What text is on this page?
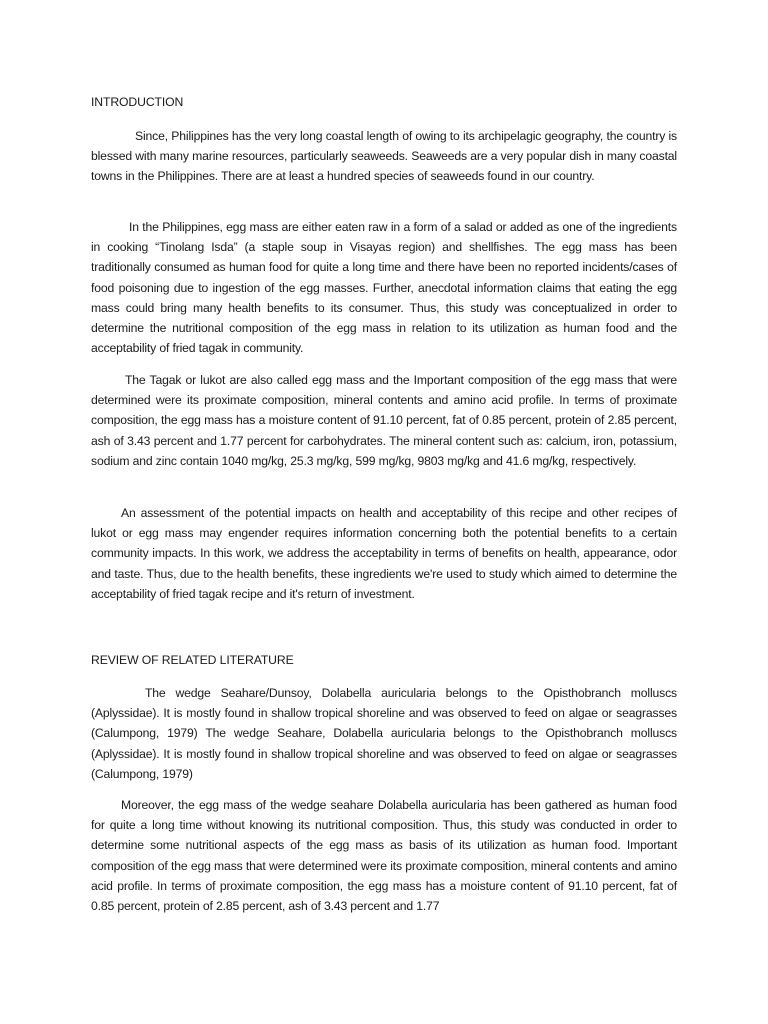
INTRODUCTION

Since, Philippines has the very long coastal length of owing to its archipelagic geography, the country is blessed with many marine resources, particularly seaweeds. Seaweeds are a very popular dish in many coastal towns in the Philippines. There are at least a hundred species of seaweeds found in our country.

In the Philippines, egg mass are either eaten raw in a form of a salad or added as one of the ingredients in cooking “Tinolang Isda” (a staple soup in Visayas region) and shellfishes. The egg mass has been traditionally consumed as human food for quite a long time and there have been no reported incidents/cases of food poisoning due to ingestion of the egg masses. Further, anecdotal information claims that eating the egg mass could bring many health benefits to its consumer. Thus, this study was conceptualized in order to determine the nutritional composition of the egg mass in relation to its utilization as human food and the acceptability of fried tagak in community.

The Tagak or lukot are also called egg mass and the Important composition of the egg mass that were determined were its proximate composition, mineral contents and amino acid profile. In terms of proximate composition, the egg mass has a moisture content of 91.10 percent, fat of 0.85 percent, protein of 2.85 percent, ash of 3.43 percent and 1.77 percent for carbohydrates. The mineral content such as: calcium, iron, potassium, sodium and zinc contain 1040 mg/kg, 25.3 mg/kg, 599 mg/kg, 9803 mg/kg and 41.6 mg/kg, respectively.

An assessment of the potential impacts on health and acceptability of this recipe and other recipes of lukot or egg mass may engender requires information concerning both the potential benefits to a certain community impacts. In this work, we address the acceptability in terms of benefits on health, appearance, odor and taste. Thus, due to the health benefits, these ingredients we're used to study which aimed to determine the acceptability of fried tagak recipe and it's return of investment.

REVIEW OF RELATED LITERATURE

The wedge Seahare/Dunsoy, Dolabella auricularia belongs to the Opisthobranch molluscs (Aplyssidae). It is mostly found in shallow tropical shoreline and was observed to feed on algae or seagrasses (Calumpong, 1979) The wedge Seahare, Dolabella auricularia belongs to the Opisthobranch molluscs (Aplyssidae). It is mostly found in shallow tropical shoreline and was observed to feed on algae or seagrasses (Calumpong, 1979)

Moreover, the egg mass of the wedge seahare Dolabella auricularia has been gathered as human food for quite a long time without knowing its nutritional composition. Thus, this study was conducted in order to determine some nutritional aspects of the egg mass as basis of its utilization as human food. Important composition of the egg mass that were determined were its proximate composition, mineral contents and amino acid profile. In terms of proximate composition, the egg mass has a moisture content of 91.10 percent, fat of 0.85 percent, protein of 2.85 percent, ash of 3.43 percent and 1.77
